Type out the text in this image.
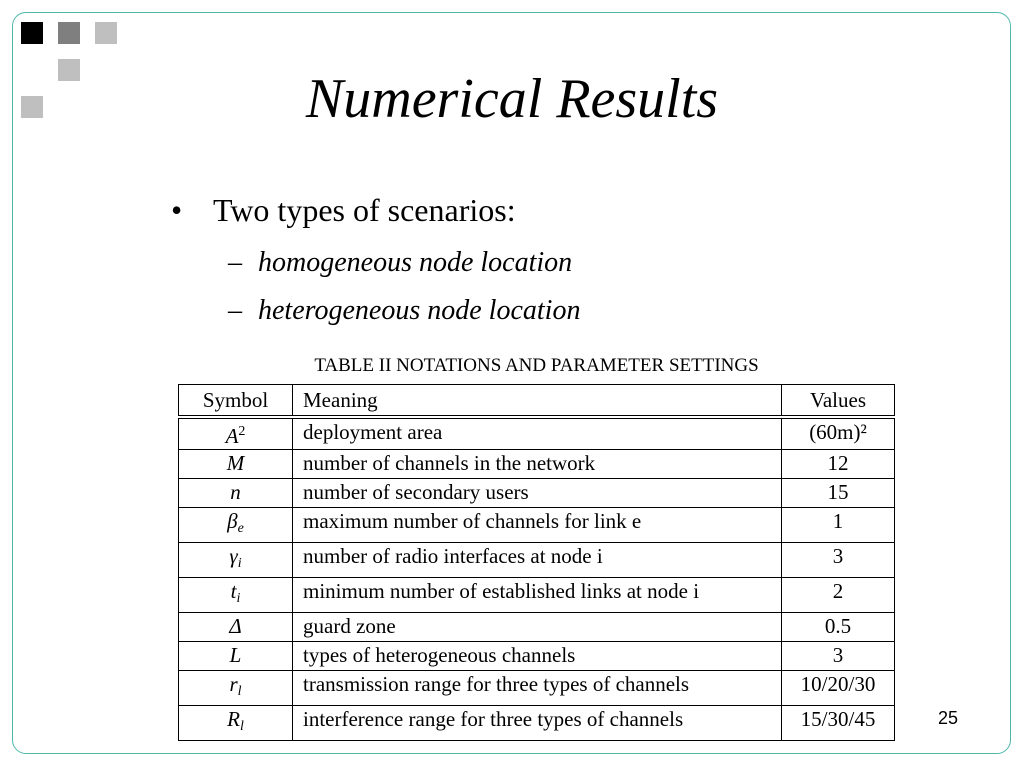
Numerical Results
• Two types of scenarios:
– homogeneous node location
– heterogeneous node location
TABLE II NOTATIONS AND PARAMETER SETTINGS
Symbol	Meaning	Values
$A^2$	deployment area	(60m)²
M	number of channels in the network	12
n	number of secondary users	15
βe	maximum number of channels for link e	1
γi	number of radio interfaces at node i	3
ti	minimum number of established links at node i	2
Δ	guard zone	0.5
L	types of heterogeneous channels	3
rl	transmission range for three types of channels	10/20/30
Rl	interference range for three types of channels	15/30/45	25
